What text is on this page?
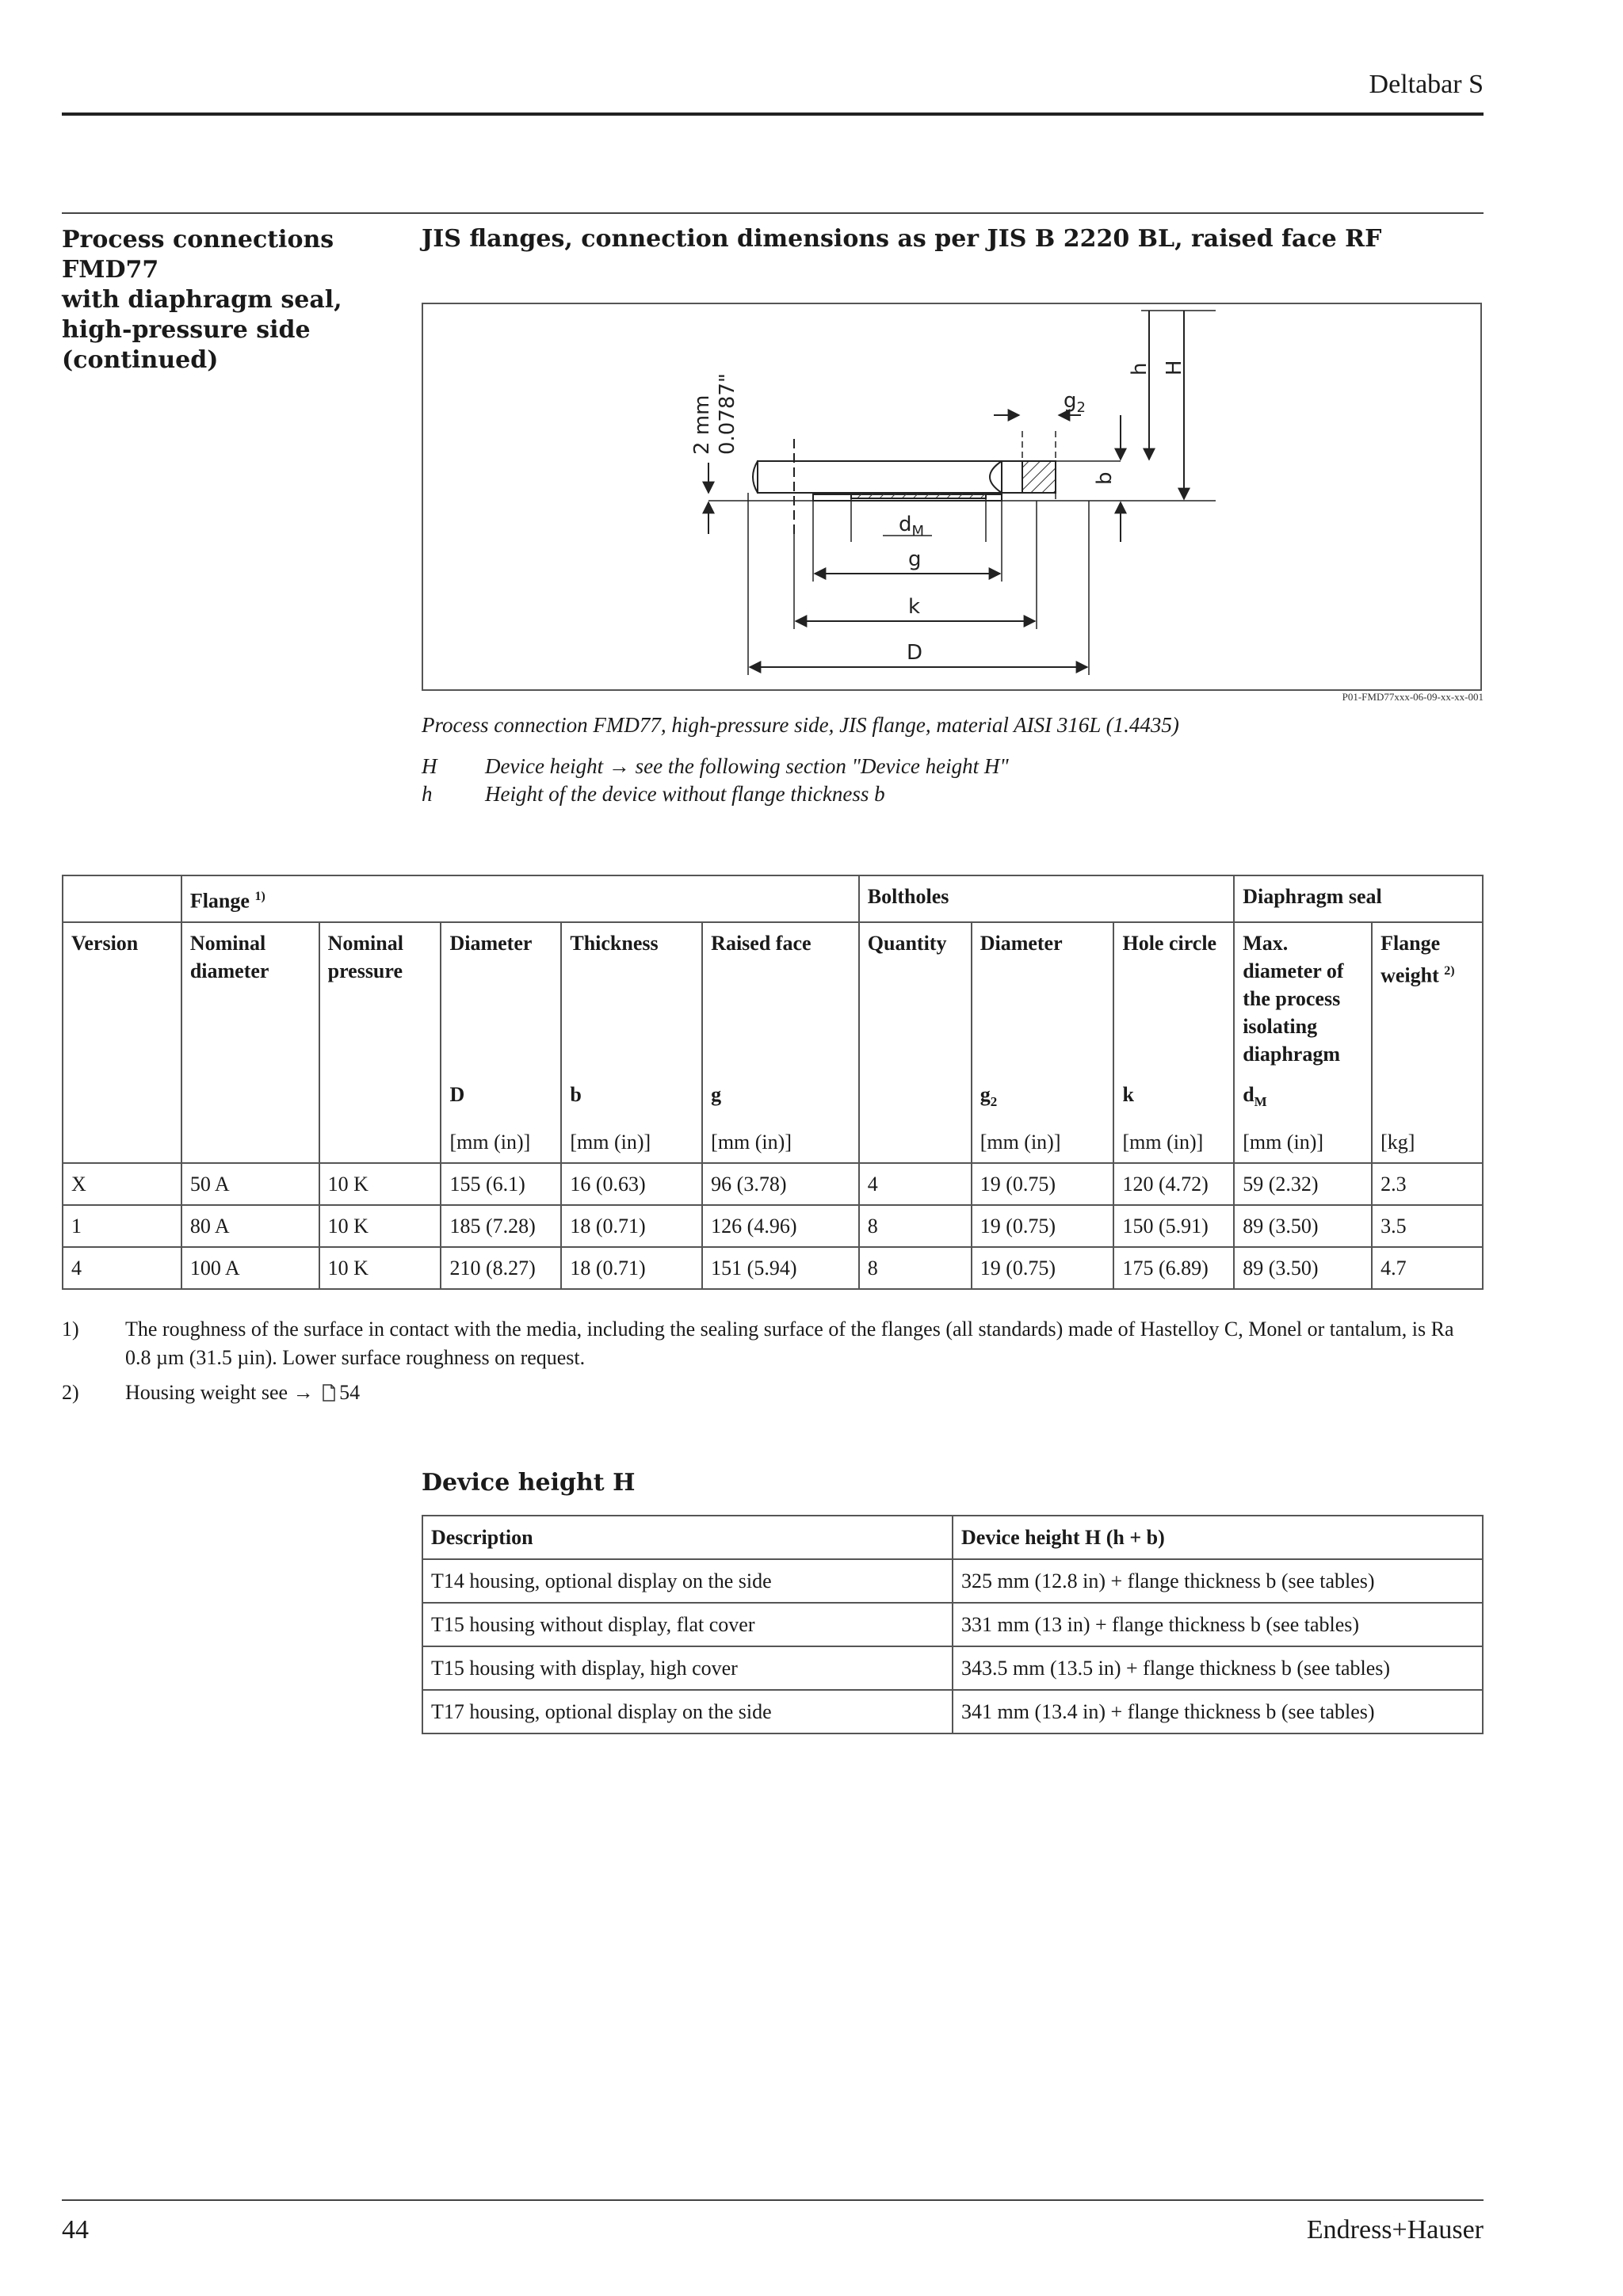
Deltabar S
Process connections FMD77
with diaphragm seal,
high-pressure side
(continued)
JIS flanges, connection dimensions as per JIS B 2220 BL, raised face RF
2 mm 0.0787"	$g_2$
b
h H
$d_M$
g
k
D
P01-FMD77xxx-06-09-xx-xx-001
Process connection FMD77, high-pressure side, JIS flange, material AISI 316L (1.4435)
H Device height → see the following section "Device height H"
h Height of the device without flange thickness b
	Flange $^{1)}$					Boltholes			Diaphragm seal	
Version	Nominal diameter	Nominal pressure	Diameter	Thickness	Raised face	Quantity	Diameter	Hole circle	Max. diameter of the process isolating diaphragm	Flange weight $^{2)}$
			D	b	g		$g_2$	k	$d_M$	
			[mm (in)]	[mm (in)]	[mm (in)]		[mm (in)]	[mm (in)]	[mm (in)]	[kg]
X	50 A	10 K	155 (6.1)	16 (0.63)	96 (3.78)	4	19 (0.75)	120 (4.72)	59 (2.32)	2.3
1	80 A	10 K	185 (7.28)	18 (0.71)	126 (4.96)	8	19 (0.75)	150 (5.91)	89 (3.50)	3.5
4	100 A	10 K	210 (8.27)	18 (0.71)	151 (5.94)	8	19 (0.75)	175 (6.89)	89 (3.50)	4.7
1) The roughness of the surface in contact with the media, including the sealing surface of the flanges (all standards) made of Hastelloy C, Monel or tantalum, is Ra 0.8 µm (31.5 µin). Lower surface roughness on request.
2) Housing weight see → 54
Device height H
Description	Device height H (h + b)
T14 housing, optional display on the side	325 mm (12.8 in) + flange thickness b (see tables)
T15 housing without display, flat cover	331 mm (13 in) + flange thickness b (see tables)
T15 housing with display, high cover	343.5 mm (13.5 in) + flange thickness b (see tables)
T17 housing, optional display on the side	341 mm (13.4 in) + flange thickness b (see tables)
44	Endress+Hauser
